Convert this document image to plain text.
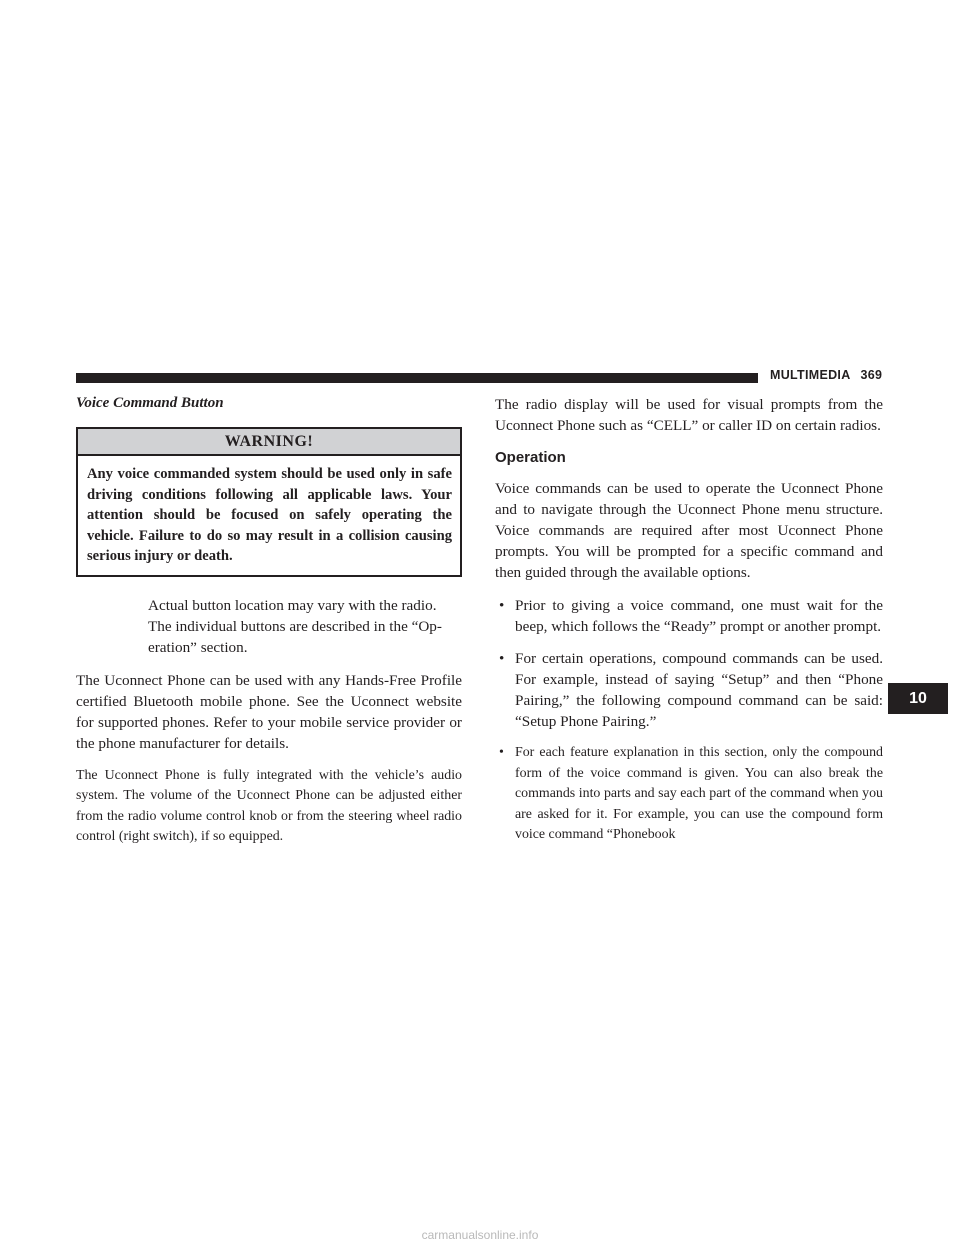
MULTIMEDIA 369
Voice Command Button
WARNING!
Any voice commanded system should be used only in safe driving conditions following all applicable laws. Your attention should be focused on safely operating the vehicle. Failure to do so may result in a collision causing serious injury or death.
Actual button location may vary with the radio. The individual buttons are described in the “Op-eration” section.

The Uconnect Phone can be used with any Hands-Free Profile certified Bluetooth mobile phone. See the Uconnect website for supported phones. Refer to your mobile service provider or the phone manufacturer for details.

The Uconnect Phone is fully integrated with the vehicle’s audio system. The volume of the Uconnect Phone can be adjusted either from the radio volume control knob or from the steering wheel radio control (right switch), if so equipped.

The radio display will be used for visual prompts from the Uconnect Phone such as “CELL” or caller ID on certain radios.

Operation

Voice commands can be used to operate the Uconnect Phone and to navigate through the Uconnect Phone menu structure. Voice commands are required after most Uconnect Phone prompts. You will be prompted for a specific command and then guided through the available options.

• Prior to giving a voice command, one must wait for the beep, which follows the “Ready” prompt or another prompt.
• For certain operations, compound commands can be used. For example, instead of saying “Setup” and then “Phone Pairing,” the following compound command can be said: “Setup Phone Pairing.”
• For each feature explanation in this section, only the compound form of the voice command is given. You can also break the commands into parts and say each part of the command when you are asked for it. For example, you can use the compound form voice command “Phonebook
10
carmanualsonline.info
